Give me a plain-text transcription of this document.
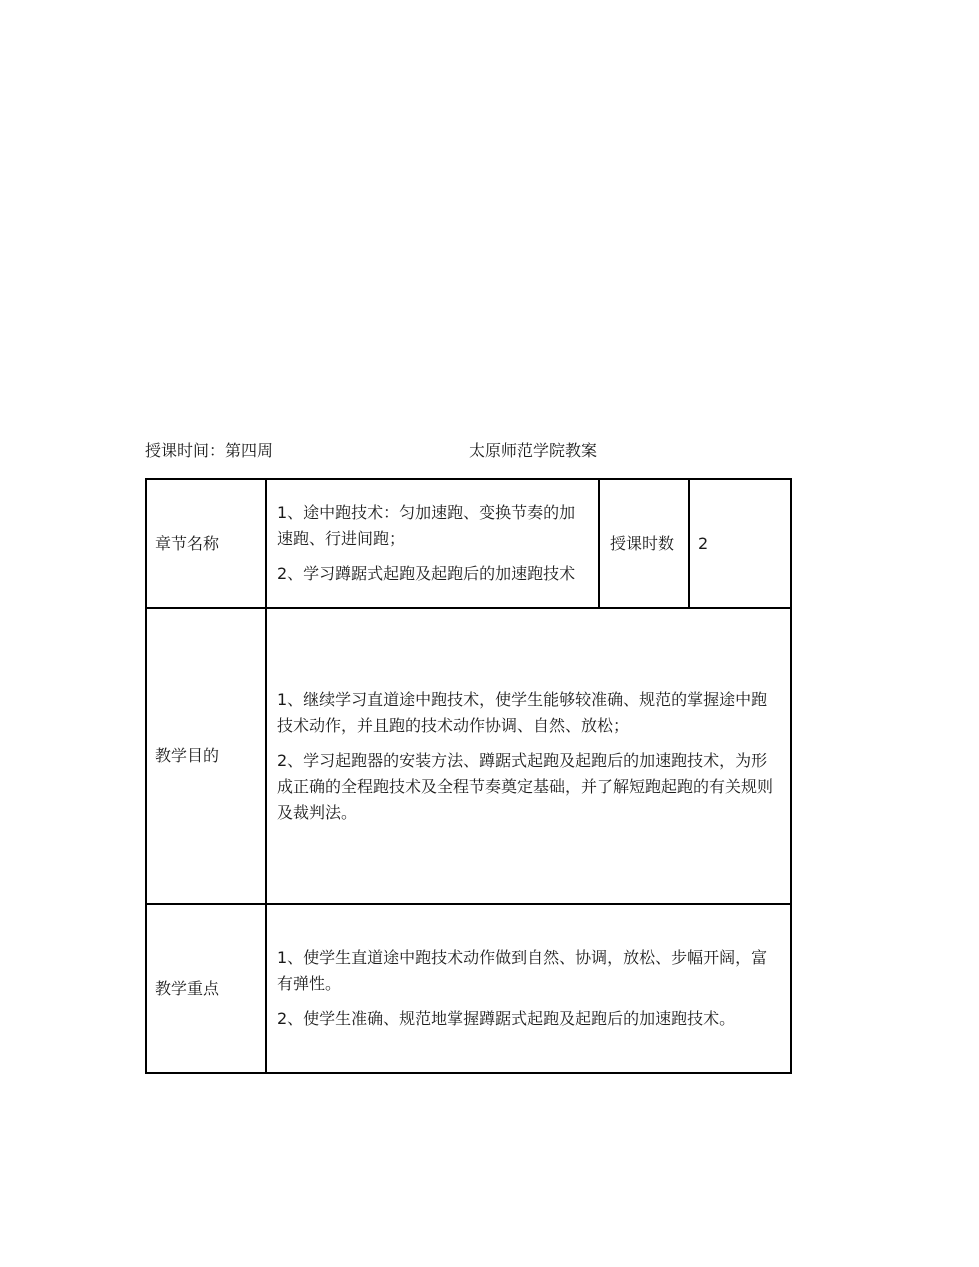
授课时间：第四周	太原师范学院教案
章节名称	1、途中跑技术：匀加速跑、变换节奏的加速跑、行进间跑；

2、学习蹲踞式起跑及起跑后的加速跑技术	授课时数	2
教学目的	1、继续学习直道途中跑技术，使学生能够较准确、规范的掌握途中跑技术动作，并且跑的技术动作协调、自然、放松；

2、学习起跑器的安装方法、蹲踞式起跑及起跑后的加速跑技术，为形成正确的全程跑技术及全程节奏奠定基础，并了解短跑起跑的有关规则及裁判法。		

教学重点	1、使学生直道途中跑技术动作做到自然、协调，放松、步幅开阔，富有弹性。

2、使学生准确、规范地掌握蹲踞式起跑及起跑后的加速跑技术。		
